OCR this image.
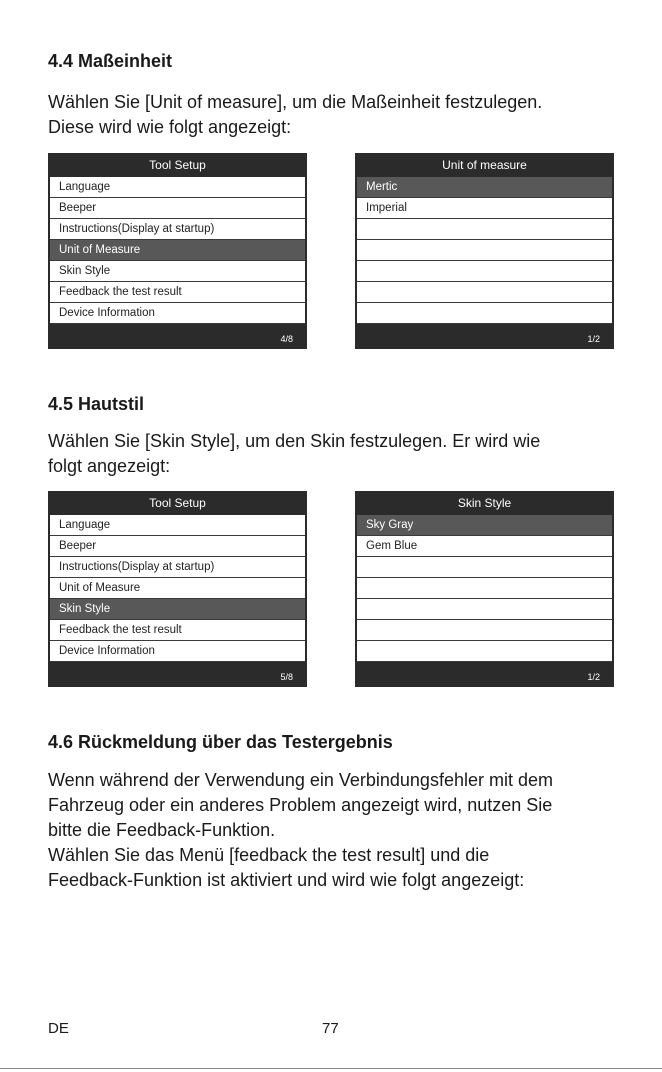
4.4 Maßeinheit
Wählen Sie [Unit of measure], um die Maßeinheit festzulegen.
Diese wird wie folgt angezeigt:
Tool Setup
Language
Beeper
Instructions(Display at startup)
Unit of Measure
Skin Style
Feedback the test result
Device Information
4/8
Unit of measure
Mertic
Imperial
1/2
4.5 Hautstil
Wählen Sie [Skin Style], um den Skin festzulegen. Er wird wie
folgt angezeigt:
Tool Setup
Language
Beeper
Instructions(Display at startup)
Unit of Measure
Skin Style
Feedback the test result
Device Information
5/8
Skin Style
Sky Gray
Gem Blue
1/2
4.6 Rückmeldung über das Testergebnis
Wenn während der Verwendung ein Verbindungsfehler mit dem
Fahrzeug oder ein anderes Problem angezeigt wird, nutzen Sie
bitte die Feedback-Funktion.
Wählen Sie das Menü [feedback the test result] und die
Feedback-Funktion ist aktiviert und wird wie folgt angezeigt:
DE	77
